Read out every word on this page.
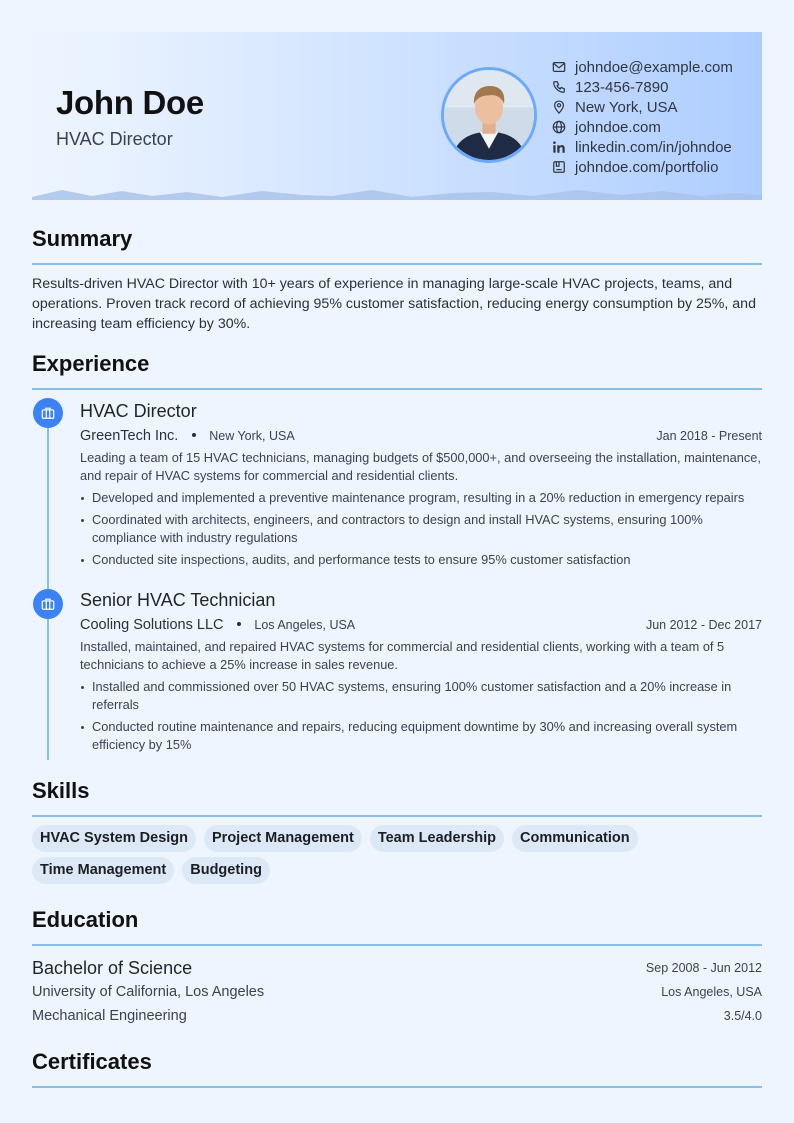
John Doe
HVAC Director
johndoe@example.com
123-456-7890
New York, USA
johndoe.com
linkedin.com/in/johndoe
johndoe.com/portfolio
Summary
Results-driven HVAC Director with 10+ years of experience in managing large-scale HVAC projects, teams, and operations. Proven track record of achieving 95% customer satisfaction, reducing energy consumption by 25%, and increasing team efficiency by 30%.
Experience
HVAC Director
GreenTech Inc. New York, USA	Jan 2018 - Present
Leading a team of 15 HVAC technicians, managing budgets of $500,000+, and overseeing the installation, maintenance, and repair of HVAC systems for commercial and residential clients.
Developed and implemented a preventive maintenance program, resulting in a 20% reduction in emergency repairs
Coordinated with architects, engineers, and contractors to design and install HVAC systems, ensuring 100% compliance with industry regulations
Conducted site inspections, audits, and performance tests to ensure 95% customer satisfaction
Senior HVAC Technician
Cooling Solutions LLC Los Angeles, USA	Jun 2012 - Dec 2017
Installed, maintained, and repaired HVAC systems for commercial and residential clients, working with a team of 5 technicians to achieve a 25% increase in sales revenue.
Installed and commissioned over 50 HVAC systems, ensuring 100% customer satisfaction and a 20% increase in referrals
Conducted routine maintenance and repairs, reducing equipment downtime by 30% and increasing overall system efficiency by 15%
Skills
HVAC System Design	Project Management	Team Leadership	Communication
Time Management	Budgeting
Education
Bachelor of Science	Sep 2008 - Jun 2012
University of California, Los Angeles	Los Angeles, USA
Mechanical Engineering	3.5/4.0
Certificates
